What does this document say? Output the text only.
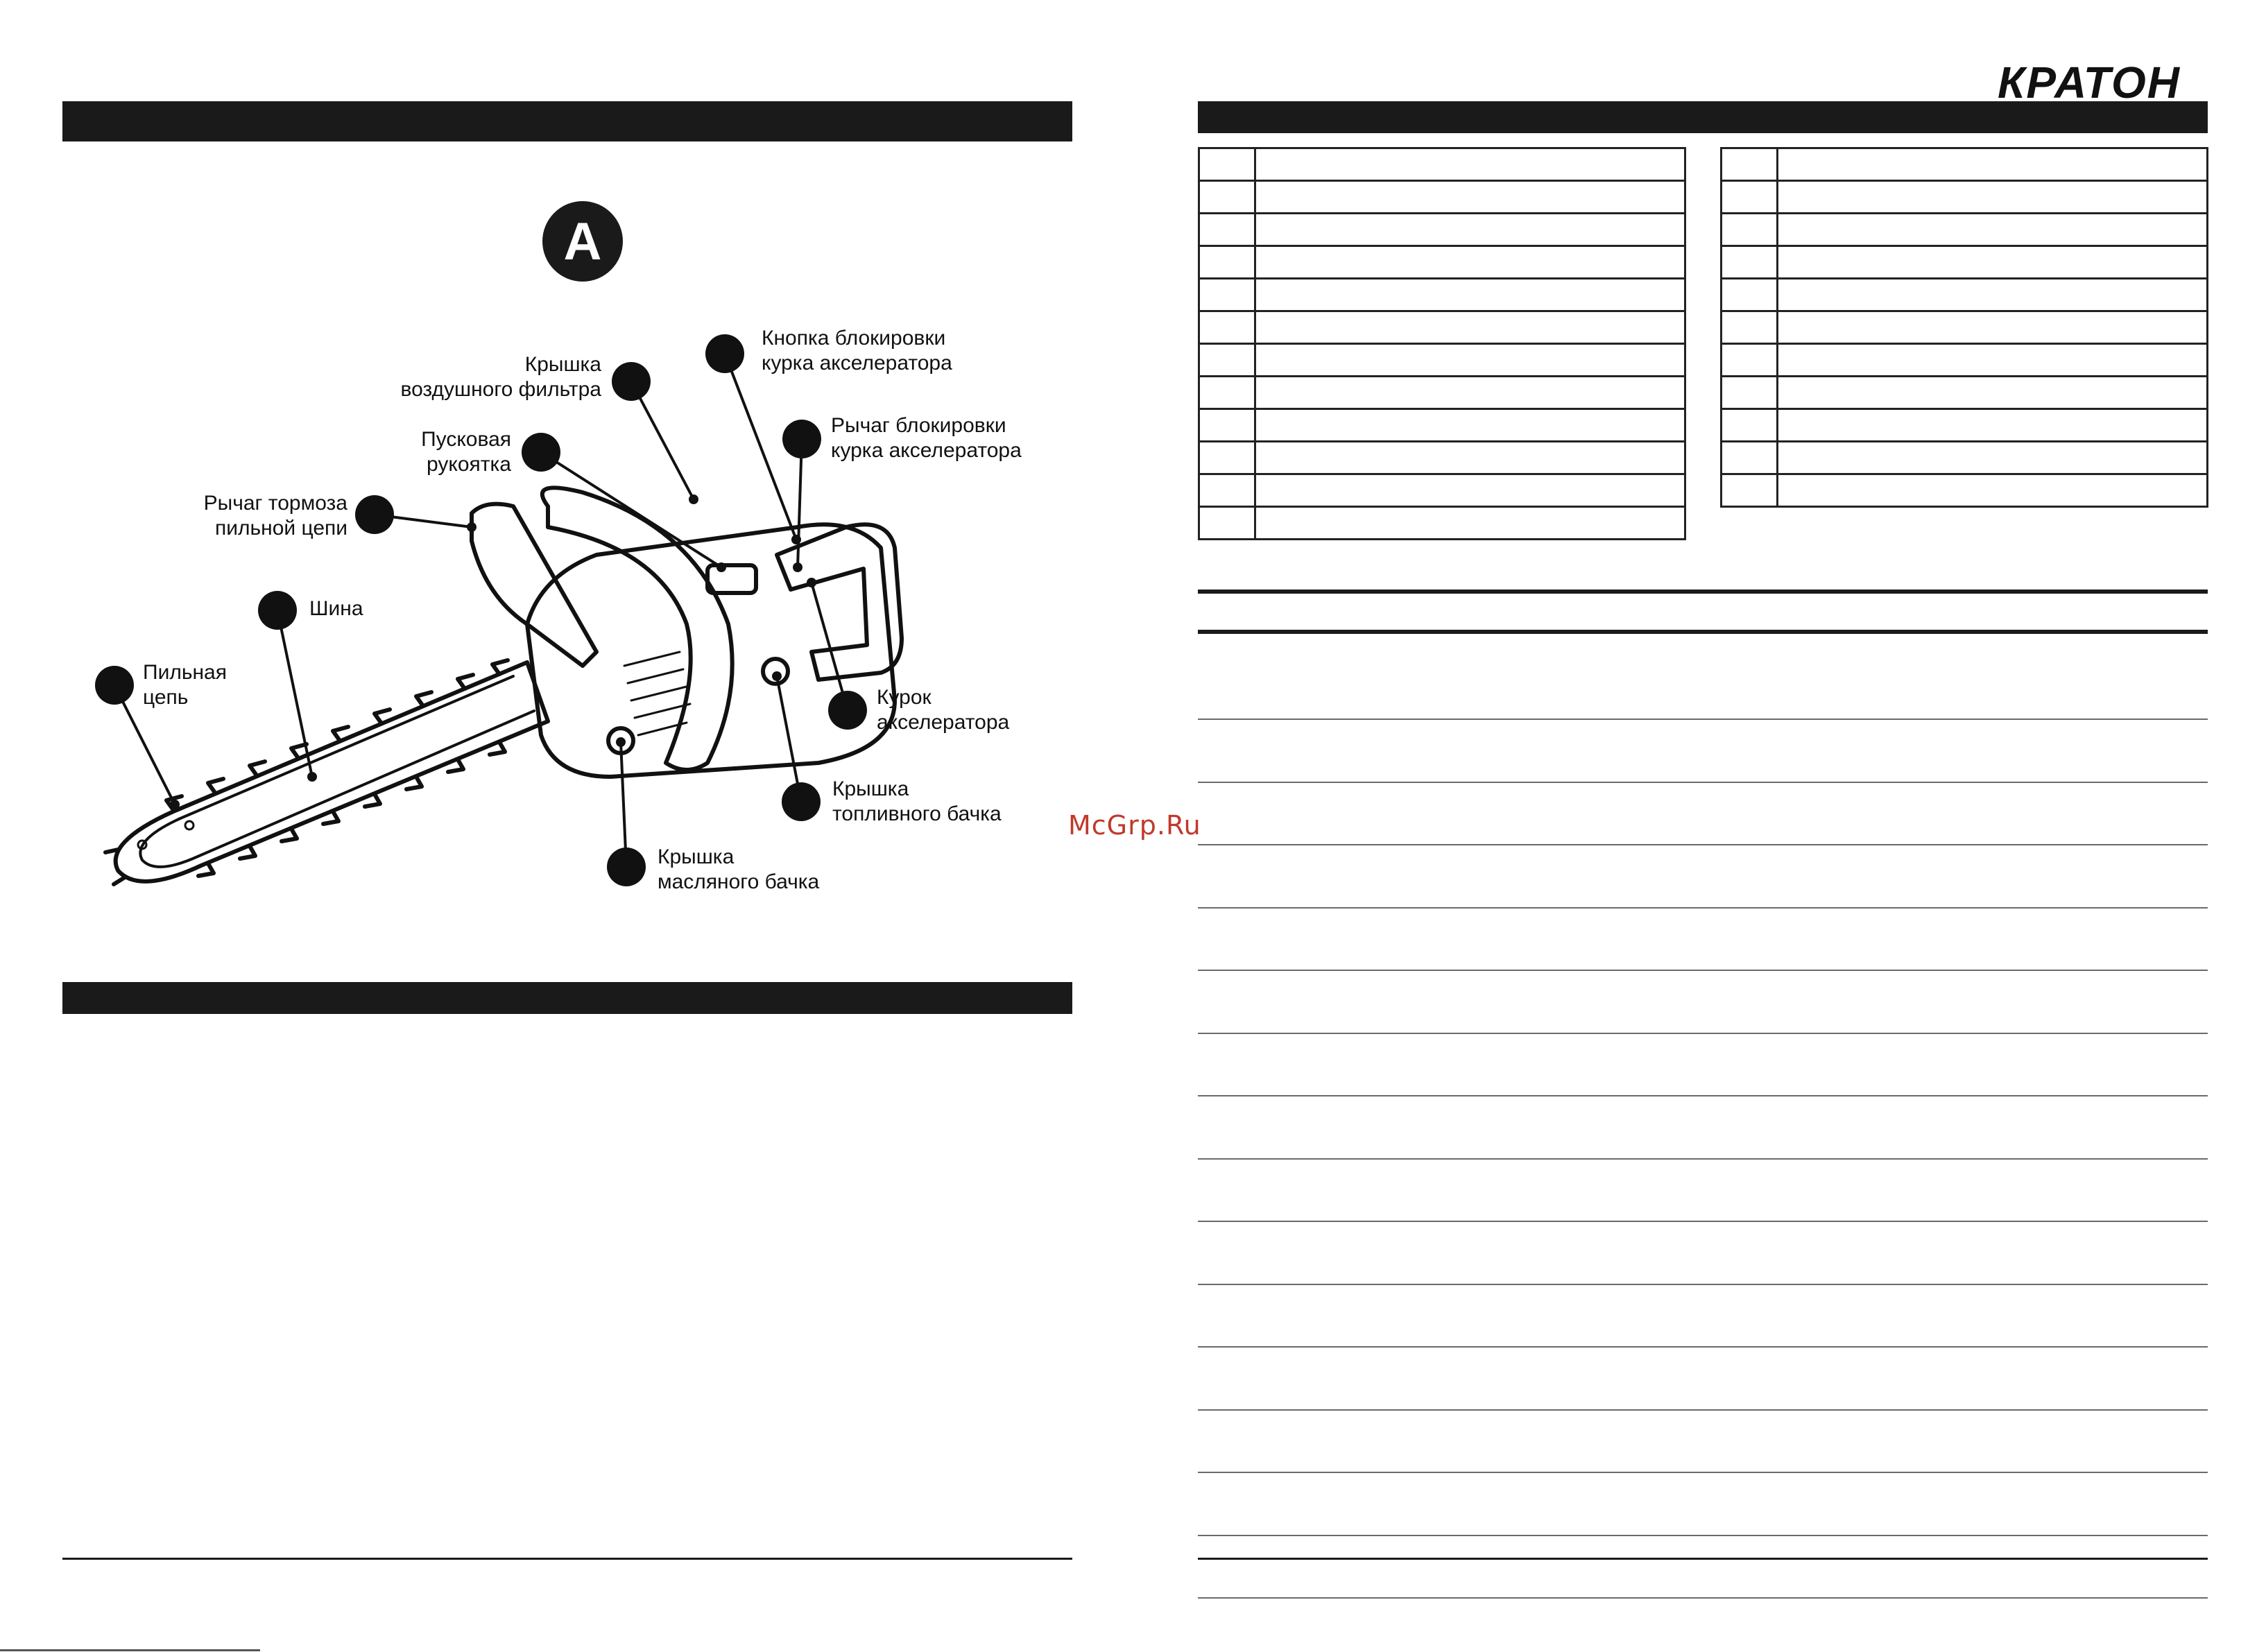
КРАТОН
McGrp.Ru
A
Крышка
воздушного фильтра
Пусковая
рукоятка
Рычаг тормоза
пильной цепи
Шина
Пильная
цепь
Кнопка блокировки
курка акселератора
Рычаг блокировки
курка акселератора
Курок
акселератора
Крышка
топливного бачка
Крышка
масляного бачка
